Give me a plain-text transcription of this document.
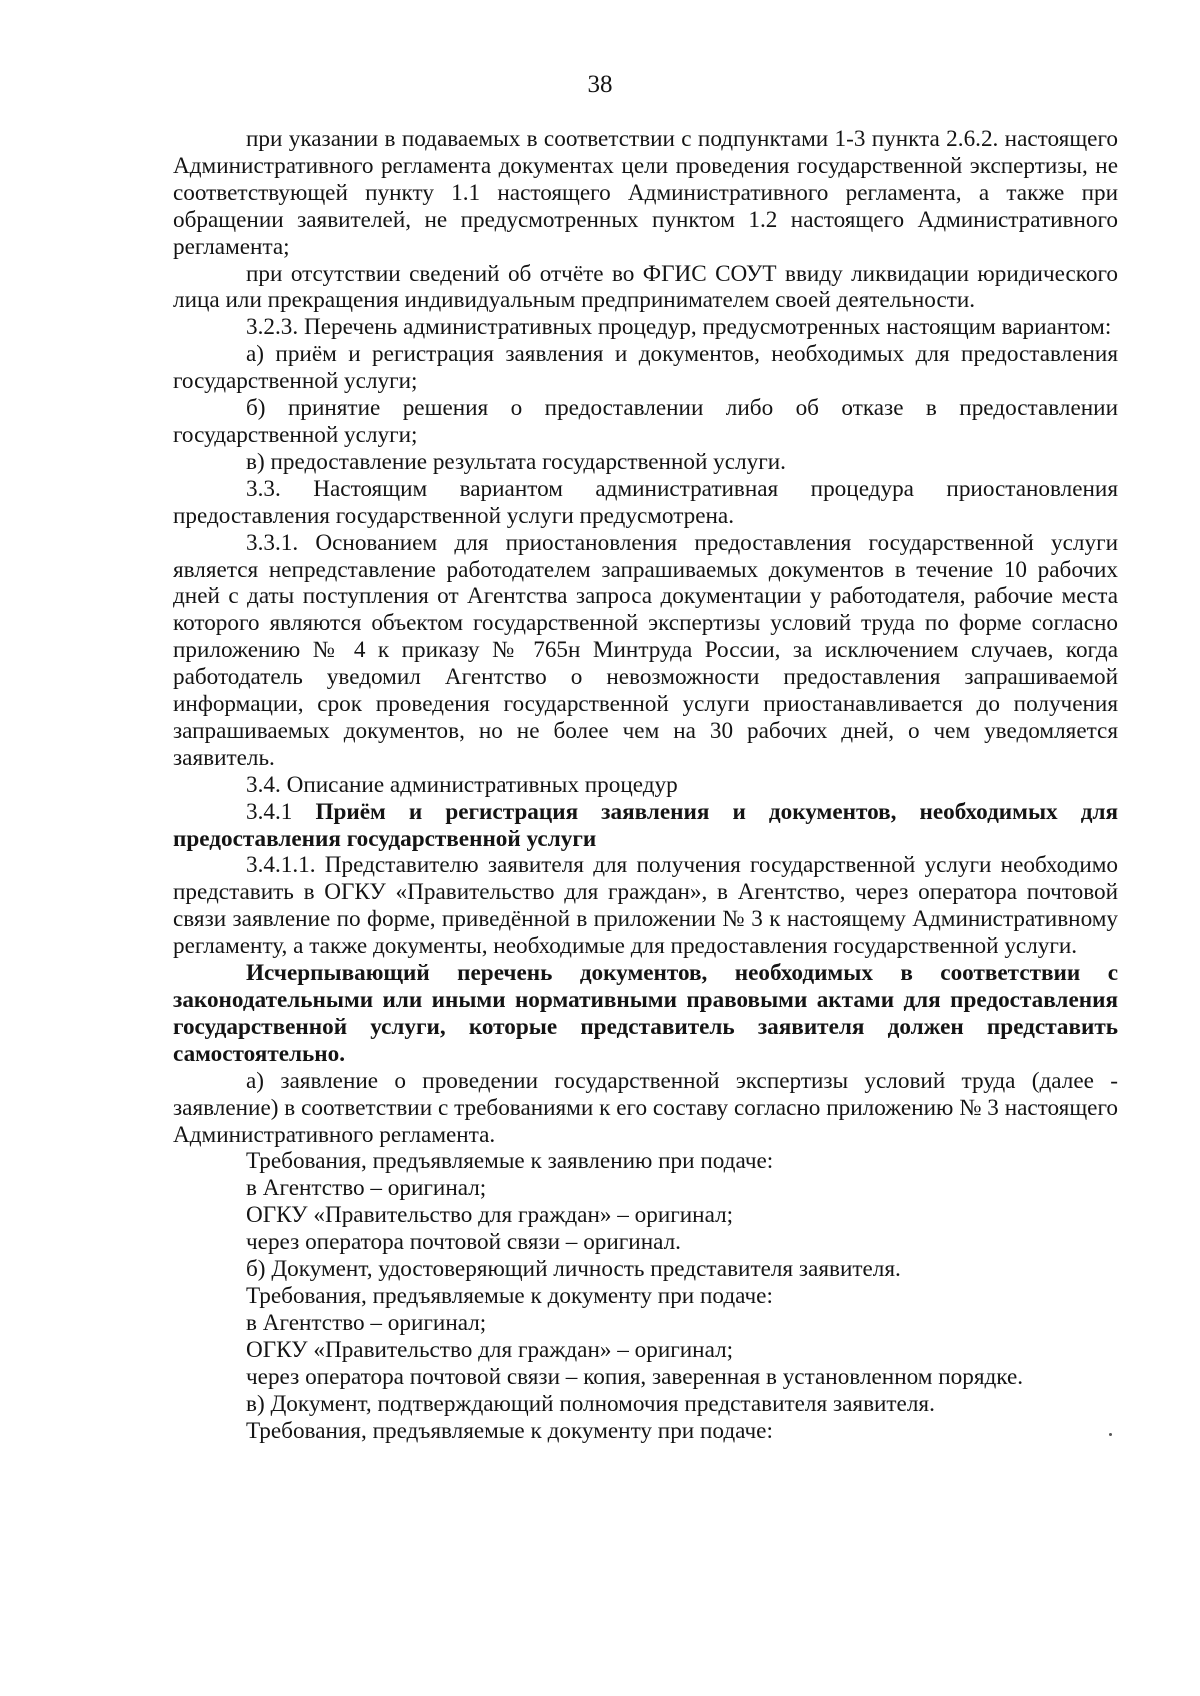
38

при указании в подаваемых в соответствии с подпунктами 1-3 пункта 2.6.2. настоящего Административного регламента документах цели проведения государственной экспертизы, не соответствующей пункту 1.1 настоящего Административного регламента, а также при обращении заявителей, не предусмотренных пунктом 1.2 настоящего Административного регламента;

при отсутствии сведений об отчёте во ФГИС СОУТ ввиду ликвидации юридического лица или прекращения индивидуальным предпринимателем своей деятельности.

3.2.3. Перечень административных процедур, предусмотренных настоящим вариантом:

а) приём и регистрация заявления и документов, необходимых для предоставления государственной услуги;

б) принятие решения о предоставлении либо об отказе в предоставлении государственной услуги;

в) предоставление результата государственной услуги.

3.3. Настоящим вариантом административная процедура приостановления предоставления государственной услуги предусмотрена.

3.3.1. Основанием для приостановления предоставления государственной услуги является непредставление работодателем запрашиваемых документов в течение 10 рабочих дней с даты поступления от Агентства запроса документации у работодателя, рабочие места которого являются объектом государственной экспертизы условий труда по форме согласно приложению № 4 к приказу № 765н Минтруда России, за исключением случаев, когда работодатель уведомил Агентство о невозможности предоставления запрашиваемой информации, срок проведения государственной услуги приостанавливается до получения запрашиваемых документов, но не более чем на 30 рабочих дней, о чем уведомляется заявитель.

3.4. Описание административных процедур

3.4.1 Приём и регистрация заявления и документов, необходимых для предоставления государственной услуги

3.4.1.1. Представителю заявителя для получения государственной услуги необходимо представить в ОГКУ «Правительство для граждан», в Агентство, через оператора почтовой связи заявление по форме, приведённой в приложении № 3 к настоящему Административному регламенту, а также документы, необходимые для предоставления государственной услуги.

Исчерпывающий перечень документов, необходимых в соответствии с законодательными или иными нормативными правовыми актами для предоставления государственной услуги, которые представитель заявителя должен представить самостоятельно.

а) заявление о проведении государственной экспертизы условий труда (далее - заявление) в соответствии с требованиями к его составу согласно приложению № 3 настоящего Административного регламента.

Требования, предъявляемые к заявлению при подаче:

в Агентство – оригинал;

ОГКУ «Правительство для граждан» – оригинал;

через оператора почтовой связи – оригинал.

б) Документ, удостоверяющий личность представителя заявителя.

Требования, предъявляемые к документу при подаче:

в Агентство – оригинал;

ОГКУ «Правительство для граждан» – оригинал;

через оператора почтовой связи – копия, заверенная в установленном порядке.

в) Документ, подтверждающий полномочия представителя заявителя.

Требования, предъявляемые к документу при подаче:
